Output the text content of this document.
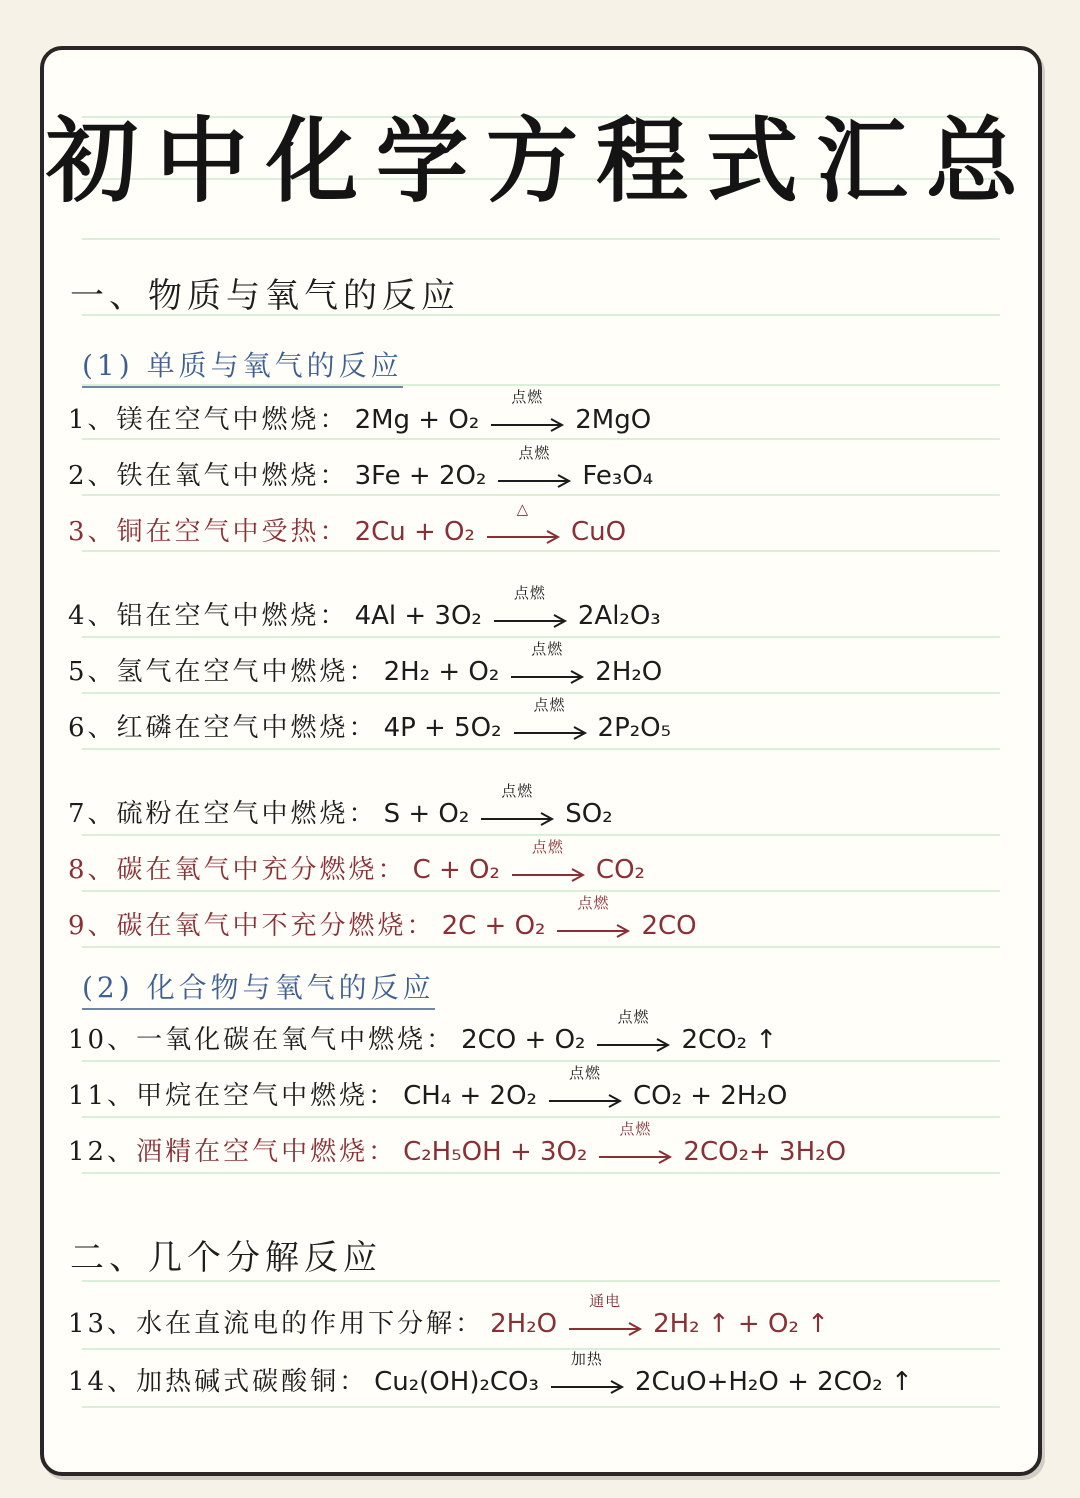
初中化学方程式汇总
一、物质与氧气的反应
(1) 单质与氧气的反应
1、 镁在空气中燃烧： 2Mg + O₂
点燃
2MgO
2、 铁在氧气中燃烧： 3Fe + 2O₂
点燃
Fe₃O₄
3、 铜在空气中受热： 2Cu + O₂
△
CuO
4、 铝在空气中燃烧： 4Al + 3O₂
点燃
2Al₂O₃
5、 氢气在空气中燃烧： 2H₂ + O₂
点燃
2H₂O
6、 红磷在空气中燃烧： 4P + 5O₂
点燃
2P₂O₅
7、 硫粉在空气中燃烧： S + O₂
点燃
SO₂
8、 碳在氧气中充分燃烧： C + O₂
点燃
CO₂
9、 碳在氧气中不充分燃烧： 2C + O₂
点燃
2CO
(2) 化合物与氧气的反应
10、 一氧化碳在氧气中燃烧： 2CO + O₂
点燃
2CO₂ ↑
11、 甲烷在空气中燃烧： CH₄ + 2O₂
点燃
CO₂ + 2H₂O
12、 酒精在空气中燃烧： C₂H₅OH + 3O₂
点燃
2CO₂+ 3H₂O
二、几个分解反应
13、 水在直流电的作用下分解： 2H₂O
通电
2H₂ ↑ + O₂ ↑
14、 加热碱式碳酸铜： Cu₂(OH)₂CO₃
加热
2CuO+H₂O + 2CO₂ ↑
